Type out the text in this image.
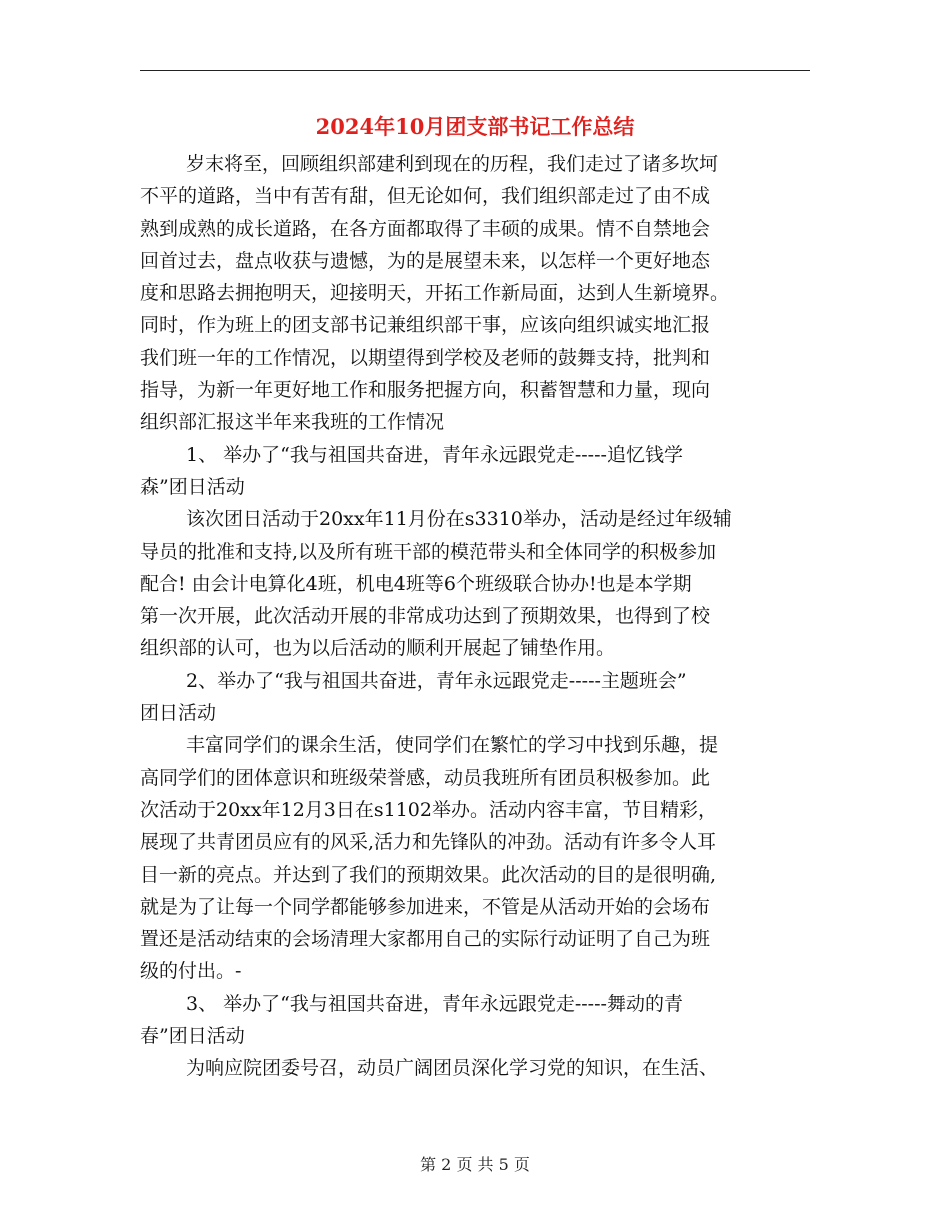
2024年10月团支部书记工作总结
岁末将至，回顾组织部建利到现在的历程，我们走过了诸多坎坷
不平的道路，当中有苦有甜，但无论如何，我们组织部走过了由不成
熟到成熟的成长道路，在各方面都取得了丰硕的成果。情不自禁地会
回首过去，盘点收获与遗憾，为的是展望未来，以怎样一个更好地态
度和思路去拥抱明天，迎接明天，开拓工作新局面，达到人生新境界。
同时，作为班上的团支部书记兼组织部干事，应该向组织诚实地汇报
我们班一年的工作情况，以期望得到学校及老师的鼓舞支持，批判和
指导，为新一年更好地工作和服务把握方向，积蓄智慧和力量，现向
组织部汇报这半年来我班的工作情况
1、 举办了“我与祖国共奋进，青年永远跟党走-----追忆钱学
森”团日活动
该次团日活动于20xx年11月份在s3310举办，活动是经过年级辅
导员的批准和支持,以及所有班干部的模范带头和全体同学的积极参加
配合! 由会计电算化4班，机电4班等6个班级联合协办!也是本学期
第一次开展，此次活动开展的非常成功达到了预期效果，也得到了校
组织部的认可，也为以后活动的顺利开展起了铺垫作用。
2、举办了“我与祖国共奋进，青年永远跟党走-----主题班会”
团日活动
丰富同学们的课余生活，使同学们在繁忙的学习中找到乐趣，提
高同学们的团体意识和班级荣誉感，动员我班所有团员积极参加。此
次活动于20xx年12月3日在s1102举办。活动内容丰富，节目精彩，
展现了共青团员应有的风采,活力和先锋队的冲劲。活动有许多令人耳
目一新的亮点。并达到了我们的预期效果。此次活动的目的是很明确,
就是为了让每一个同学都能够参加进来，不管是从活动开始的会场布
置还是活动结束的会场清理大家都用自己的实际行动证明了自己为班
级的付出。-
3、 举办了“我与祖国共奋进，青年永远跟党走-----舞动的青
春”团日活动
为响应院团委号召，动员广阔团员深化学习党的知识，在生活、
第 2 页 共 5 页
